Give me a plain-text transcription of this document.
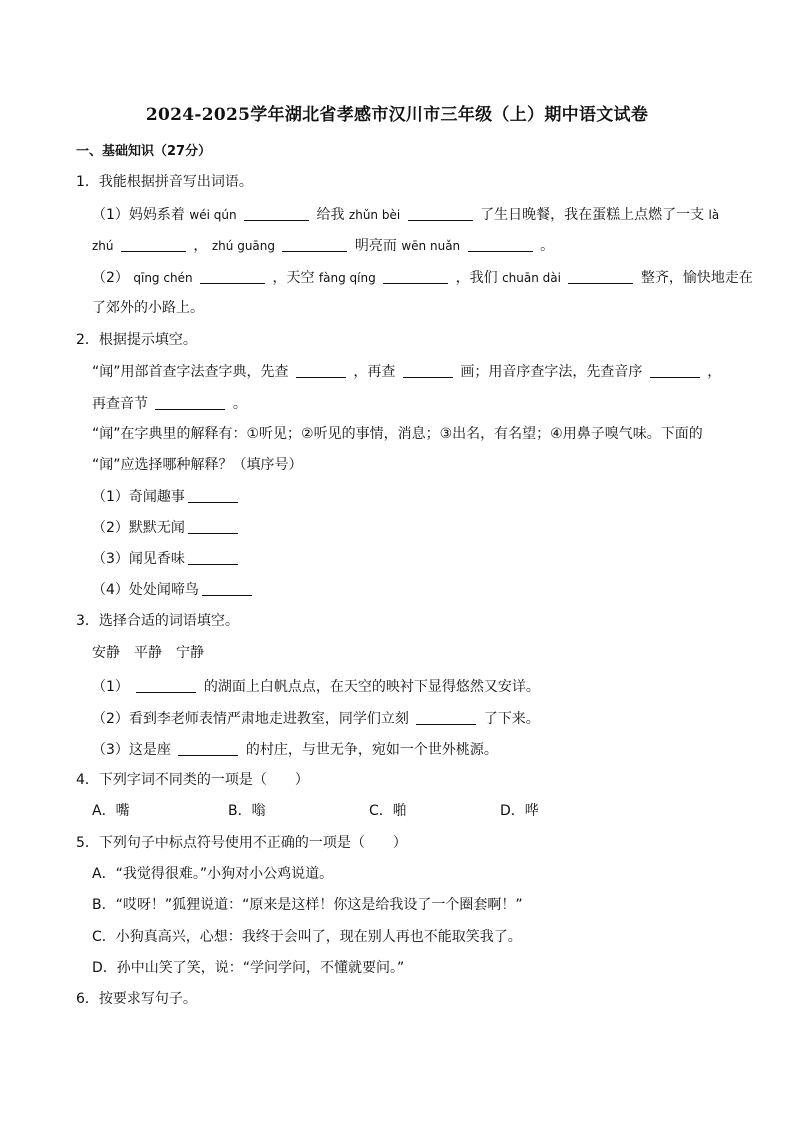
2024-2025学年湖北省孝感市汉川市三年级（上）期中语文试卷
一、基础知识（27分）
1．我能根据拼音写出词语。
（1）妈妈系着 wéi qún	给我 zhǔn bèi	了生日晚餐，我在蛋糕上点燃了一支 là
zhú	， zhú guāng	明亮而 wēn nuǎn	。
（2） qīng chén	，天空 fàng qíng	，我们 chuān dài	整齐，愉快地走在
了郊外的小路上。
2．根据提示填空。
“闻”用部首查字法查字典，先查	，再查	画；用音序查字法，先查音序	，
再查音节	。
“闻”在字典里的解释有：①听见；②听见的事情，消息；③出名，有名望；④用鼻子嗅气味。下面的
“闻”应选择哪种解释？（填序号）
（1）奇闻趣事
（2）默默无闻
（3）闻见香味
（4）处处闻啼鸟
3．选择合适的词语填空。
安静　平静　宁静
（1）	的湖面上白帆点点，在天空的映衬下显得悠然又安详。
（2）看到李老师表情严肃地走进教室，同学们立刻	了下来。
（3）这是座	的村庄，与世无争，宛如一个世外桃源。
4．下列字词不同类的一项是（　　）
A．嘴	B．嗡	C．啪	D．哗
5．下列句子中标点符号使用不正确的一项是（　　）
A．“我觉得很难。”小狗对小公鸡说道。
B．“哎呀！”狐狸说道：“原来是这样！你这是给我设了一个圈套啊！”
C．小狗真高兴，心想：我终于会叫了，现在别人再也不能取笑我了。
D．孙中山笑了笑，说：“学问学问，不懂就要问。”
6．按要求写句子。
